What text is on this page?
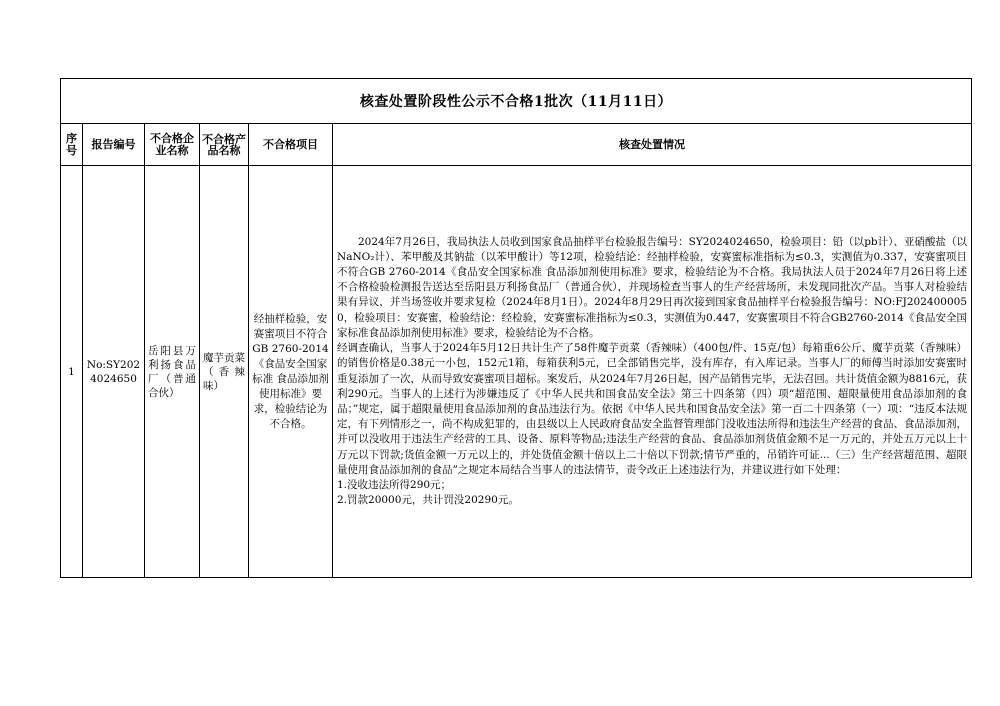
核查处置阶段性公示不合格1批次（11月11日）					
序号	报告编号	不合格企业名称	不合格产品名称	不合格项目	核查处置情况
1	No:SY2024024650	岳阳县万利扬食品厂（普通合伙）	魔芋贡菜（香辣味）	经抽样检验，安赛蜜项目不符合GB 2760-2014《食品安全国家标准 食品添加剂使用标准》要求，检验结论为不合格。	2024年7月26日，我局执法人员收到国家食品抽样平台检验报告编号：SY2024024650，检验项目：铅（以pb计）、亚硝酸盐（以NaNO₂计）、苯甲酸及其钠盐（以苯甲酸计）等12项，检验结论：经抽样检验，安赛蜜标准指标为≤0.3，实测值为0.337，安赛蜜项目不符合GB 2760-2014《食品安全国家标准 食品添加剂使用标准》要求，检验结论为不合格。我局执法人员于2024年7月26日将上述不合格检验检测报告送达至岳阳县万利扬食品厂（普通合伙），并现场检查当事人的生产经营场所，未发现同批次产品。当事人对检验结果有异议，并当场签收并要求复检（2024年8月1日）。2024年8月29日再次接到国家食品抽样平台检验报告编号：NO:FJ2024000050，检验项目：安赛蜜，检验结论：经检验，安赛蜜标准指标为≤0.3，实测值为0.447，安赛蜜项目不符合GB2760-2014《食品安全国家标准食品添加剂使用标准》要求，检验结论为不合格。

经调查确认，当事人于2024年5月12日共计生产了58件魔芋贡菜（香辣味）（400包/件、15克/包）每箱重6公斤、魔芋贡菜（香辣味）的销售价格是0.38元一小包，152元1箱，每箱获利5元，已全部销售完毕，没有库存，有入库记录。当事人厂的师傅当时添加安赛蜜时重复添加了一次，从而导致安赛蜜项目超标。案发后，从2024年7月26日起，因产品销售完毕，无法召回。共计货值金额为8816元，获利290元。当事人的上述行为涉嫌违反了《中华人民共和国食品安全法》第三十四条第（四）项“超范围、超限量使用食品添加剂的食品；”规定，属于超限量使用食品添加剂的食品违法行为。依据《中华人民共和国食品安全法》第一百二十四条第（一）项：“违反本法规定，有下列情形之一，尚不构成犯罪的，由县级以上人民政府食品安全监督管理部门没收违法所得和违法生产经营的食品、食品添加剂，并可以没收用于违法生产经营的工具、设备、原料等物品;违法生产经营的食品、食品添加剂货值金额不足一万元的，并处五万元以上十万元以下罚款;货值金额一万元以上的，并处货值金额十倍以上二十倍以下罚款;情节严重的，吊销许可证...（三）生产经营超范围、超限量使用食品添加剂的食品”之规定本局结合当事人的违法情节，责令改正上述违法行为，并建议进行如下处理：

1.没收违法所得290元；

2.罚款20000元，共计罚没20290元。
